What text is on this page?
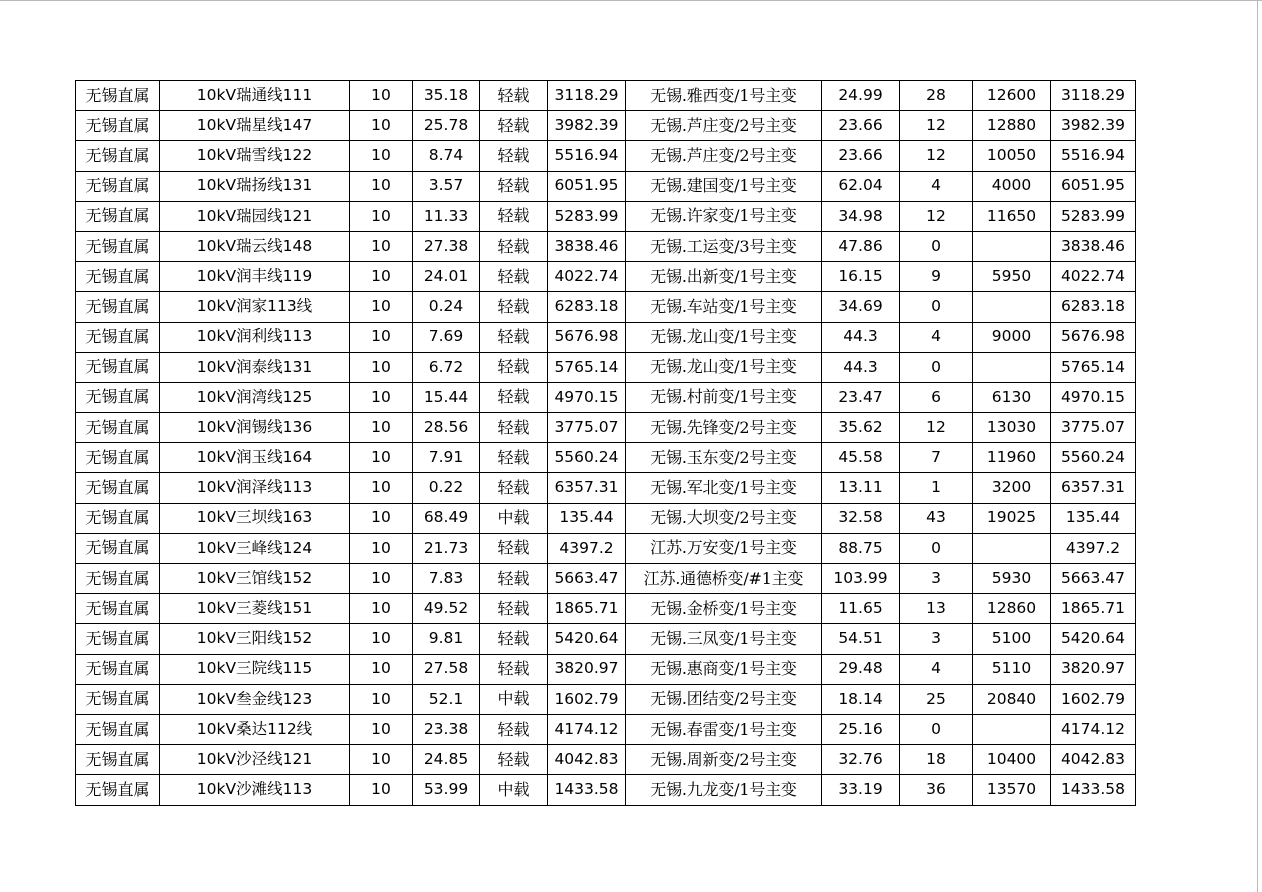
无锡直属	10kV瑞通线111	10	35.18	轻载	3118.29	无锡.雅西变/1号主变	24.99	28	12600	3118.29
无锡直属	10kV瑞星线147	10	25.78	轻载	3982.39	无锡.芦庄变/2号主变	23.66	12	12880	3982.39
无锡直属	10kV瑞雪线122	10	8.74	轻载	5516.94	无锡.芦庄变/2号主变	23.66	12	10050	5516.94
无锡直属	10kV瑞扬线131	10	3.57	轻载	6051.95	无锡.建国变/1号主变	62.04	4	4000	6051.95
无锡直属	10kV瑞园线121	10	11.33	轻载	5283.99	无锡.许家变/1号主变	34.98	12	11650	5283.99
无锡直属	10kV瑞云线148	10	27.38	轻载	3838.46	无锡.工运变/3号主变	47.86	0		3838.46
无锡直属	10kV润丰线119	10	24.01	轻载	4022.74	无锡.出新变/1号主变	16.15	9	5950	4022.74
无锡直属	10kV润家113线	10	0.24	轻载	6283.18	无锡.车站变/1号主变	34.69	0		6283.18
无锡直属	10kV润利线113	10	7.69	轻载	5676.98	无锡.龙山变/1号主变	44.3	4	9000	5676.98
无锡直属	10kV润泰线131	10	6.72	轻载	5765.14	无锡.龙山变/1号主变	44.3	0		5765.14
无锡直属	10kV润湾线125	10	15.44	轻载	4970.15	无锡.村前变/1号主变	23.47	6	6130	4970.15
无锡直属	10kV润锡线136	10	28.56	轻载	3775.07	无锡.先锋变/2号主变	35.62	12	13030	3775.07
无锡直属	10kV润玉线164	10	7.91	轻载	5560.24	无锡.玉东变/2号主变	45.58	7	11960	5560.24
无锡直属	10kV润泽线113	10	0.22	轻载	6357.31	无锡.军北变/1号主变	13.11	1	3200	6357.31
无锡直属	10kV三坝线163	10	68.49	中载	135.44	无锡.大坝变/2号主变	32.58	43	19025	135.44
无锡直属	10kV三峰线124	10	21.73	轻载	4397.2	江苏.万安变/1号主变	88.75	0		4397.2
无锡直属	10kV三馆线152	10	7.83	轻载	5663.47	江苏.通德桥变/#1主变	103.99	3	5930	5663.47
无锡直属	10kV三菱线151	10	49.52	轻载	1865.71	无锡.金桥变/1号主变	11.65	13	12860	1865.71
无锡直属	10kV三阳线152	10	9.81	轻载	5420.64	无锡.三凤变/1号主变	54.51	3	5100	5420.64
无锡直属	10kV三院线115	10	27.58	轻载	3820.97	无锡.惠商变/1号主变	29.48	4	5110	3820.97
无锡直属	10kV叁金线123	10	52.1	中载	1602.79	无锡.团结变/2号主变	18.14	25	20840	1602.79
无锡直属	10kV桑达112线	10	23.38	轻载	4174.12	无锡.春雷变/1号主变	25.16	0		4174.12
无锡直属	10kV沙泾线121	10	24.85	轻载	4042.83	无锡.周新变/2号主变	32.76	18	10400	4042.83
无锡直属	10kV沙滩线113	10	53.99	中载	1433.58	无锡.九龙变/1号主变	33.19	36	13570	1433.58
